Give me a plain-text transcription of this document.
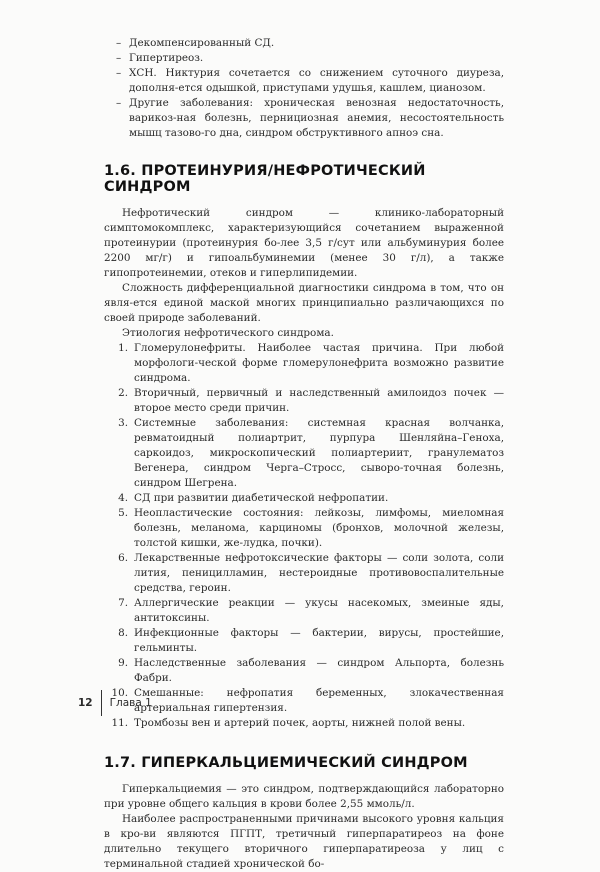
– Декомпенсированный СД.
– Гипертиреоз.
– ХСН. Никтурия сочетается со снижением суточного диуреза, дополня-ется одышкой, приступами удушья, кашлем, цианозом.
– Другие заболевания: хроническая венозная недостаточность, варикоз-ная болезнь, пернициозная анемия, несостоятельность мышц тазово-го дна, синдром обструктивного апноэ сна.
1.6. ПРОТЕИНУРИЯ/НЕФРОТИЧЕСКИЙ СИНДРОМ

Нефротический синдром — клинико-лабораторный симптомокомплекс, характеризующийся сочетанием выраженной протеинурии (протеинурия бо-лее 3,5 г/сут или альбуминурия более 2200 мг/г) и гипоальбуминемии (менее 30 г/л), а также гипопротеинемии, отеков и гиперлипидемии.

Сложность дифференциальной диагностики синдрома в том, что он явля-ется единой маской многих принципиально различающихся по своей природе заболеваний.

Этиология нефротического синдрома.

1. Гломерулонефриты. Наиболее частая причина. При любой морфологи-ческой форме гломерулонефрита возможно развитие синдрома.
2. Вторичный, первичный и наследственный амилоидоз почек — второе место среди причин.
3. Системные заболевания: системная красная волчанка, ревматоидный полиартрит, пурпура Шенляйна–Геноха, саркоидоз, микроскопический полиартериит, гранулематоз Вегенера, синдром Черга–Стросс, сыворо-точная болезнь, синдром Шегрена.
4. СД при развитии диабетической нефропатии.
5. Неопластические состояния: лейкозы, лимфомы, миеломная болезнь, меланома, карциномы (бронхов, молочной железы, толстой кишки, же-лудка, почки).
6. Лекарственные нефротоксические факторы — соли золота, соли лития, пеницилламин, нестероидные противовоспалительные средства, героин.
7. Аллергические реакции — укусы насекомых, змеиные яды, антитоксины.
8. Инфекционные факторы — бактерии, вирусы, простейшие, гельминты.
9. Наследственные заболевания — синдром Альпорта, болезнь Фабри.
10. Смешанные: нефропатия беременных, злокачественная артериальная гипертензия.
11. Тромбозы вен и артерий почек, аорты, нижней полой вены.
1.7. ГИПЕРКАЛЬЦИЕМИЧЕСКИЙ СИНДРОМ

Гиперкальциемия — это синдром, подтверждающийся лабораторно при уровне общего кальция в крови более 2,55 ммоль/л.

Наиболее распространенными причинами высокого уровня кальция в кро-ви являются ПГПТ, третичный гиперпаратиреоз на фоне длительно текущего вторичного гиперпаратиреоза у лиц с терминальной стадией хронической бо-

12	Глава 1
